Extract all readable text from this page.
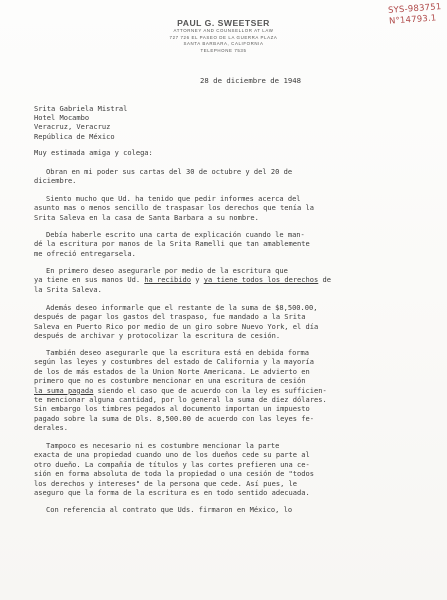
SYS-983751
N°14793.1
PAUL G. SWEETSER
ATTORNEY AND COUNSELLOR AT LAW
727 726 EL PASEO DE LA GUERRA PLAZA
SANTA BARBARA, CALIFORNIA
TELEPHONE 7535
28 de diciembre de 1948
Srita Gabriela Mistral
Hotel Mocambo
Veracruz, Veracruz
República de México
Muy estimada amiga y colega:
Obran en mi poder sus cartas del 30 de octubre y del 20 de
diciembre.
Siento mucho que Ud. ha tenido que pedir informes acerca del
asunto mas o menos sencillo de traspasar los derechos que tenía la
Srita Saleva en la casa de Santa Barbara a su nombre.
Debía haberle escrito una carta de explicación cuando le man-
dé la escritura por manos de la Srita Ramelli que tan amablemente
me ofreció entregarsela.
En primero deseo asegurarle por medio de la escritura que
ya tiene en sus manos Ud. ha recibido y ya tiene todos los derechos de
la Srita Saleva.
Además deseo informarle que el restante de la suma de $8,500.00,
después de pagar los gastos del traspaso, fue mandado a la Srita
Saleva en Puerto Rico por medio de un giro sobre Nuevo York, el día
después de archivar y protocolizar la escritura de cesión.
También deseo asegurarle que la escritura está en debida forma
según las leyes y costumbres del estado de California y la mayoría
de los de más estados de la Union Norte Americana. Le advierto en
primero que no es costumbre mencionar en una escritura de cesión
la suma pagada siendo el caso que de acuerdo con la ley es sufficien-
te mencionar alguna cantidad, por lo general la suma de diez dólares.
Sin embargo los timbres pegados al documento importan un impuesto
pagado sobre la suma de Dls. 8,500.00 de acuerdo con las leyes fe-
derales.
Tampoco es necesario ni es costumbre mencionar la parte
exacta de una propiedad cuando uno de los dueños cede su parte al
otro dueño. La compañía de títulos y las cortes prefieren una ce-
sión en forma absoluta de toda la propiedad o una cesión de "todos
los derechos y intereses" de la persona que cede. Así pues, le
aseguro que la forma de la escritura es en todo sentido adecuada.
Con referencia al contrato que Uds. firmaron en México, lo
